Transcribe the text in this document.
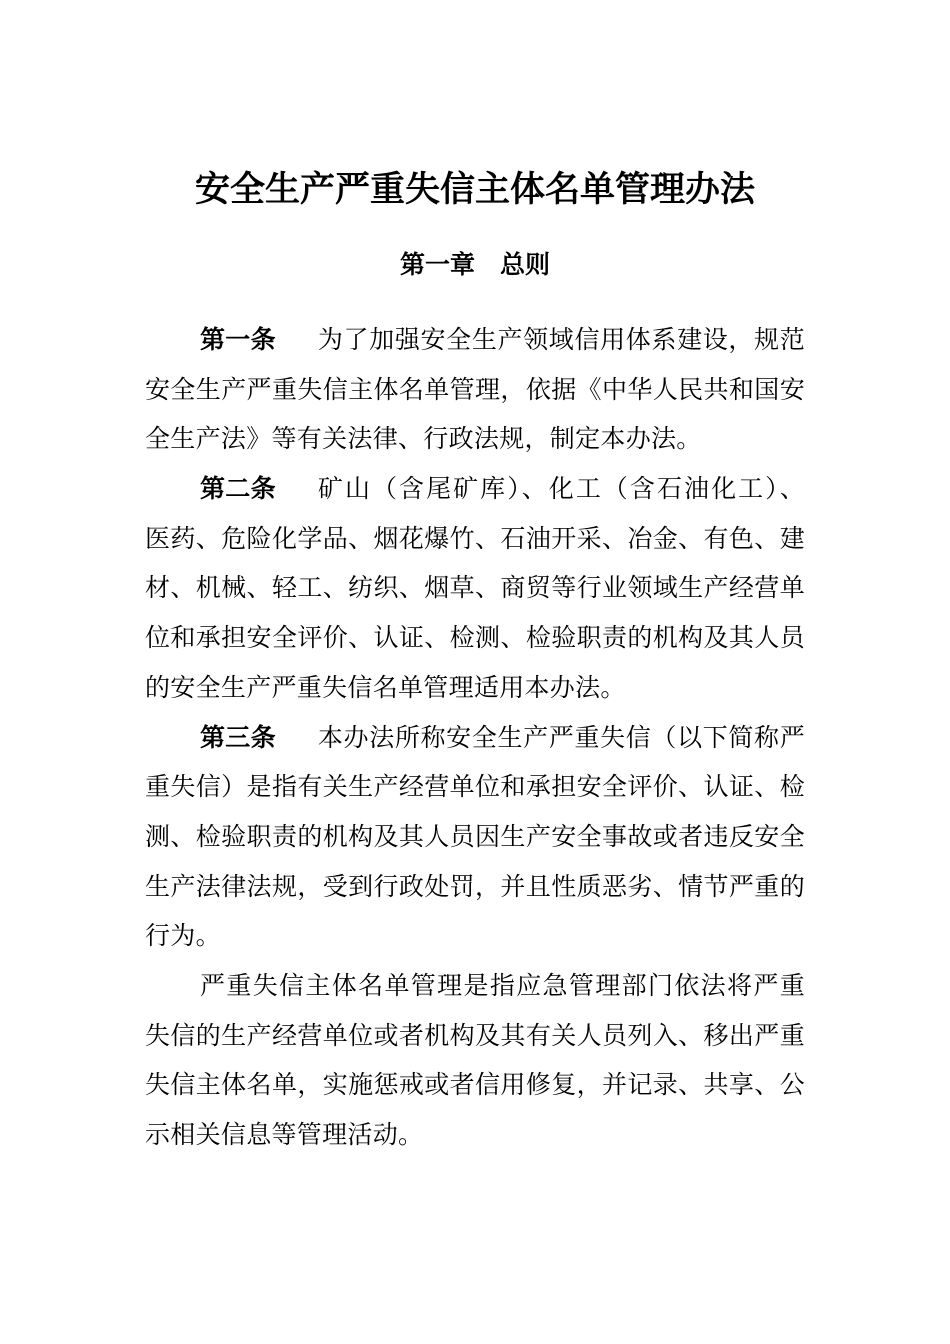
安全生产严重失信主体名单管理办法
第一章　总则
第一条 为了加强安全生产领域信用体系建设，规范
安全生产严重失信主体名单管理，依据《中华人民共和国安
全生产法》等有关法律、行政法规，制定本办法。
第二条 矿山（含尾矿库）、化工（含石油化工）、
医药、危险化学品、烟花爆竹、石油开采、冶金、有色、建
材、机械、轻工、纺织、烟草、商贸等行业领域生产经营单
位和承担安全评价、认证、检测、检验职责的机构及其人员
的安全生产严重失信名单管理适用本办法。
第三条 本办法所称安全生产严重失信（以下简称严
重失信）是指有关生产经营单位和承担安全评价、认证、检
测、检验职责的机构及其人员因生产安全事故或者违反安全
生产法律法规，受到行政处罚，并且性质恶劣、情节严重的
行为。
严重失信主体名单管理是指应急管理部门依法将严重
失信的生产经营单位或者机构及其有关人员列入、移出严重
失信主体名单，实施惩戒或者信用修复，并记录、共享、公
示相关信息等管理活动。
